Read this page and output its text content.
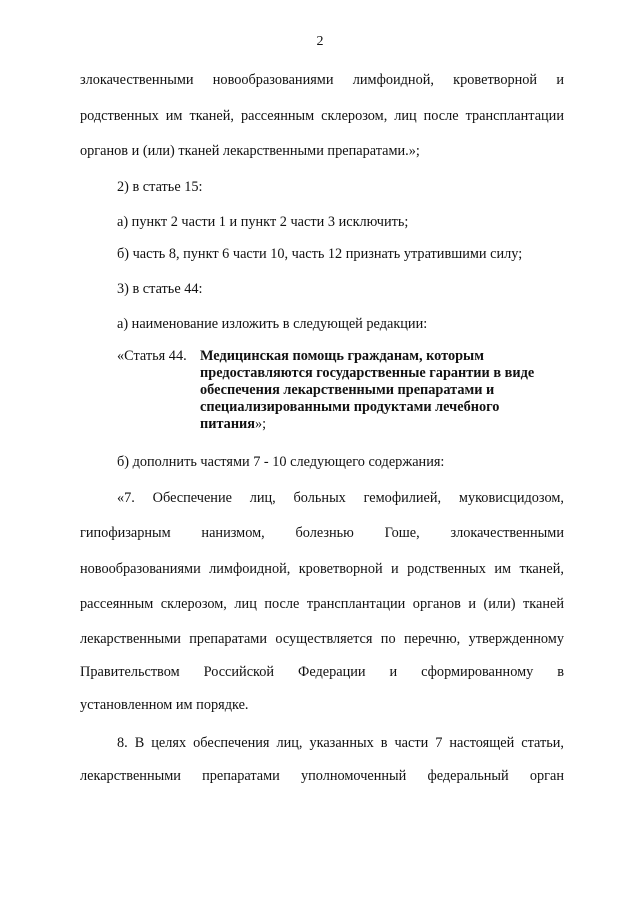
2
злокачественными новообразованиями лимфоидной, кроветворной и
родственных им тканей, рассеянным склерозом, лиц после трансплантации
органов и (или) тканей лекарственными препаратами.»;
2) в статье 15:
а) пункт 2 части 1 и пункт 2 части 3 исключить;
б) часть 8, пункт 6 части 10, часть 12 признать утратившими силу;
3) в статье 44:
а) наименование изложить в следующей редакции:
«Статья 44. Медицинская помощь гражданам, которым
предоставляются государственные гарантии в виде
обеспечения лекарственными препаратами и
специализированными продуктами лечебного
питания»;
б) дополнить частями 7 - 10 следующего содержания:
«7. Обеспечение лиц, больных гемофилией, муковисцидозом,
гипофизарным нанизмом, болезнью Гоше, злокачественными
новообразованиями лимфоидной, кроветворной и родственных им тканей,
рассеянным склерозом, лиц после трансплантации органов и (или) тканей
лекарственными препаратами осуществляется по перечню, утвержденному
Правительством Российской Федерации и сформированному в
установленном им порядке.
8. В целях обеспечения лиц, указанных в части 7 настоящей статьи,
лекарственными препаратами уполномоченный федеральный орган
